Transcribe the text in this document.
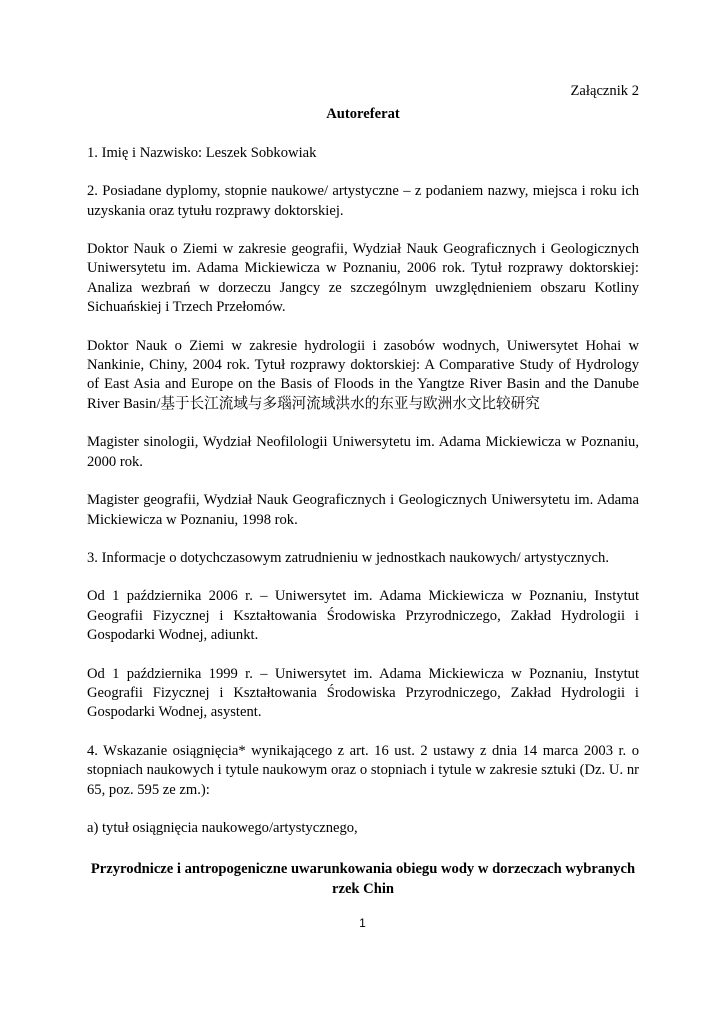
Załącznik 2

Autoreferat

1. Imię i Nazwisko: Leszek Sobkowiak

2. Posiadane dyplomy, stopnie naukowe/ artystyczne – z podaniem nazwy, miejsca i roku ich uzyskania oraz tytułu rozprawy doktorskiej.

Doktor Nauk o Ziemi w zakresie geografii, Wydział Nauk Geograficznych i Geologicznych Uniwersytetu im. Adama Mickiewicza w Poznaniu, 2006 rok. Tytuł rozprawy doktorskiej: Analiza wezbrań w dorzeczu Jangcy ze szczególnym uwzględnieniem obszaru Kotliny Sichuańskiej i Trzech Przełomów.

Doktor Nauk o Ziemi w zakresie hydrologii i zasobów wodnych, Uniwersytet Hohai w Nankinie, Chiny, 2004 rok. Tytuł rozprawy doktorskiej: A Comparative Study of Hydrology of East Asia and Europe on the Basis of Floods in the Yangtze River Basin and the Danube River Basin/基于长江流域与多瑙河流域洪水的东亚与欧洲水文比较研究

Magister sinologii, Wydział Neofilologii Uniwersytetu im. Adama Mickiewicza w Poznaniu, 2000 rok.

Magister geografii, Wydział Nauk Geograficznych i Geologicznych Uniwersytetu im. Adama Mickiewicza w Poznaniu, 1998 rok.

3. Informacje o dotychczasowym zatrudnieniu w jednostkach naukowych/ artystycznych.

Od 1 października 2006 r. – Uniwersytet im. Adama Mickiewicza w Poznaniu, Instytut Geografii Fizycznej i Kształtowania Środowiska Przyrodniczego, Zakład Hydrologii i Gospodarki Wodnej, adiunkt.

Od 1 października 1999 r. – Uniwersytet im. Adama Mickiewicza w Poznaniu, Instytut Geografii Fizycznej i Kształtowania Środowiska Przyrodniczego, Zakład Hydrologii i Gospodarki Wodnej, asystent.

4. Wskazanie osiągnięcia* wynikającego z art. 16 ust. 2 ustawy z dnia 14 marca 2003 r. o stopniach naukowych i tytule naukowym oraz o stopniach i tytule w zakresie sztuki (Dz. U. nr 65, poz. 595 ze zm.):

a) tytuł osiągnięcia naukowego/artystycznego,

Przyrodnicze i antropogeniczne uwarunkowania obiegu wody w dorzeczach wybranych rzek Chin

1
